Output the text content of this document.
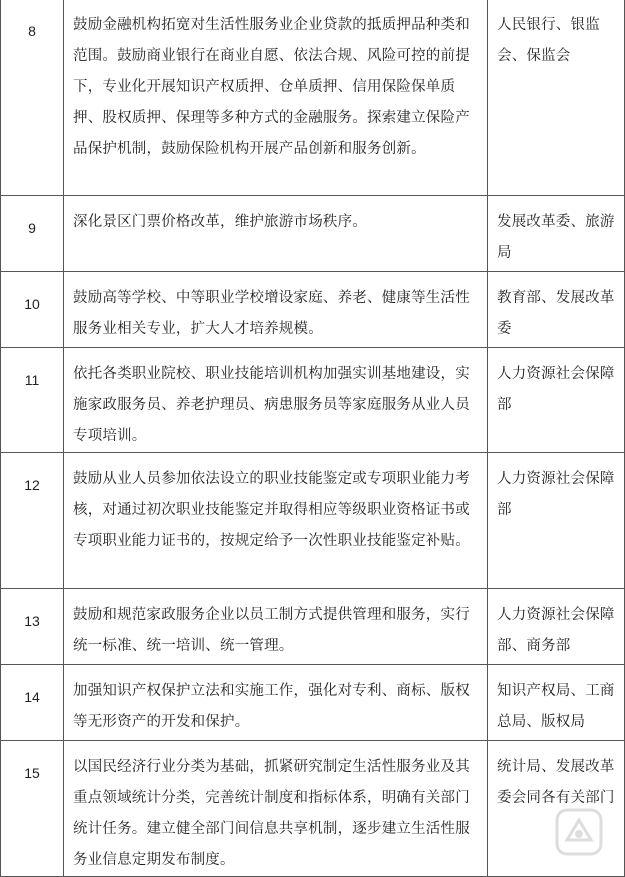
8	鼓励金融机构拓宽对生活性服务业企业贷款的抵质押品种类和范围。鼓励商业银行在商业自愿、依法合规、风险可控的前提下，专业化开展知识产权质押、仓单质押、信用保险保单质押、股权质押、保理等多种方式的金融服务。探索建立保险产品保护机制，鼓励保险机构开展产品创新和服务创新。	人民银行、银监会、保监会

9	深化景区门票价格改革，维护旅游市场秩序。	发展改革委、旅游局

10	鼓励高等学校、中等职业学校增设家庭、养老、健康等生活性服务业相关专业，扩大人才培养规模。	教育部、发展改革委

11	依托各类职业院校、职业技能培训机构加强实训基地建设，实施家政服务员、养老护理员、病患服务员等家庭服务从业人员专项培训。	人力资源社会保障部

12	鼓励从业人员参加依法设立的职业技能鉴定或专项职业能力考核，对通过初次职业技能鉴定并取得相应等级职业资格证书或专项职业能力证书的，按规定给予一次性职业技能鉴定补贴。	人力资源社会保障部

13	鼓励和规范家政服务企业以员工制方式提供管理和服务，实行统一标准、统一培训、统一管理。	人力资源社会保障部、商务部

14	加强知识产权保护立法和实施工作，强化对专利、商标、版权等无形资产的开发和保护。	知识产权局、工商总局、版权局

15	以国民经济行业分类为基础，抓紧研究制定生活性服务业及其重点领域统计分类，完善统计制度和指标体系，明确有关部门统计任务。建立健全部门间信息共享机制，逐步建立生活性服务业信息定期发布制度。	统计局、发展改革委会同各有关部门
